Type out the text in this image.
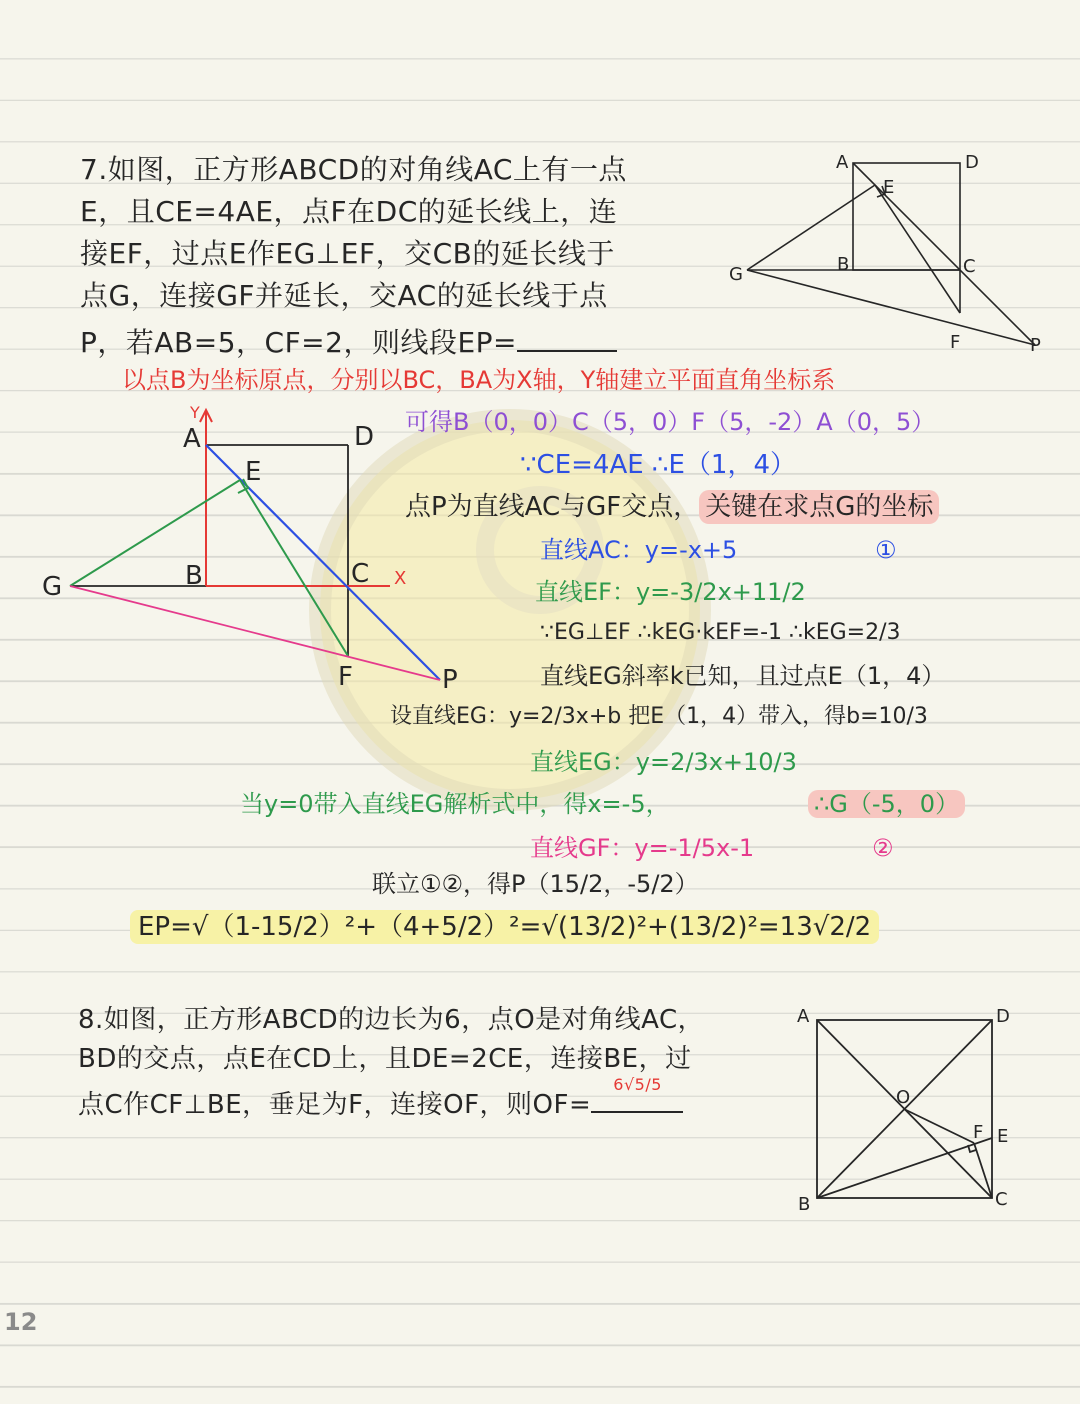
7.如图，正方形ABCD的对角线AC上有一点
E，且CE=4AE，点F在DC的延长线上，连
接EF，过点E作EG⊥EF，交CB的延长线于
点G，连接GF并延长，交AC的延长线于点
P，若AB=5，CF=2，则线段EP=
A	D
E
B	C
G
F	P
以点B为坐标原点，分别以BC，BA为X轴，Y轴建立平面直角坐标系
A	D
E
B	C
G
F	P
X
Y	可得B（0，0）C（5，0）F（5，-2）A（0，5）
∵CE=4AE ∴E（1，4）
点P为直线AC与GF交点， 关键在求点G的坐标
直线AC：y=-x+5	①
直线EF：y=-3/2x+11/2
∵EG⊥EF ∴kEG·kEF=-1 ∴kEG=2/3
直线EG斜率k已知，且过点E（1，4）
设直线EG：y=2/3x+b 把E（1，4）带入，得b=10/3
直线EG：y=2/3x+10/3
当y=0带入直线EG解析式中，得x=-5，	∴G（-5，0）
直线GF：y=-1/5x-1	②
联立①②，得P（15/2，-5/2）
EP=√（1-15/2）²+（4+5/2）²=√(13/2)²+(13/2)²=13√2/2
8.如图，正方形ABCD的边长为6，点O是对角线AC，
BD的交点，点E在CD上，且DE=2CE，连接BE，过
点C作CF⊥BE，垂足为F，连接OF，则OF=
6√5/5
A	D
O
F E
B	C
12
